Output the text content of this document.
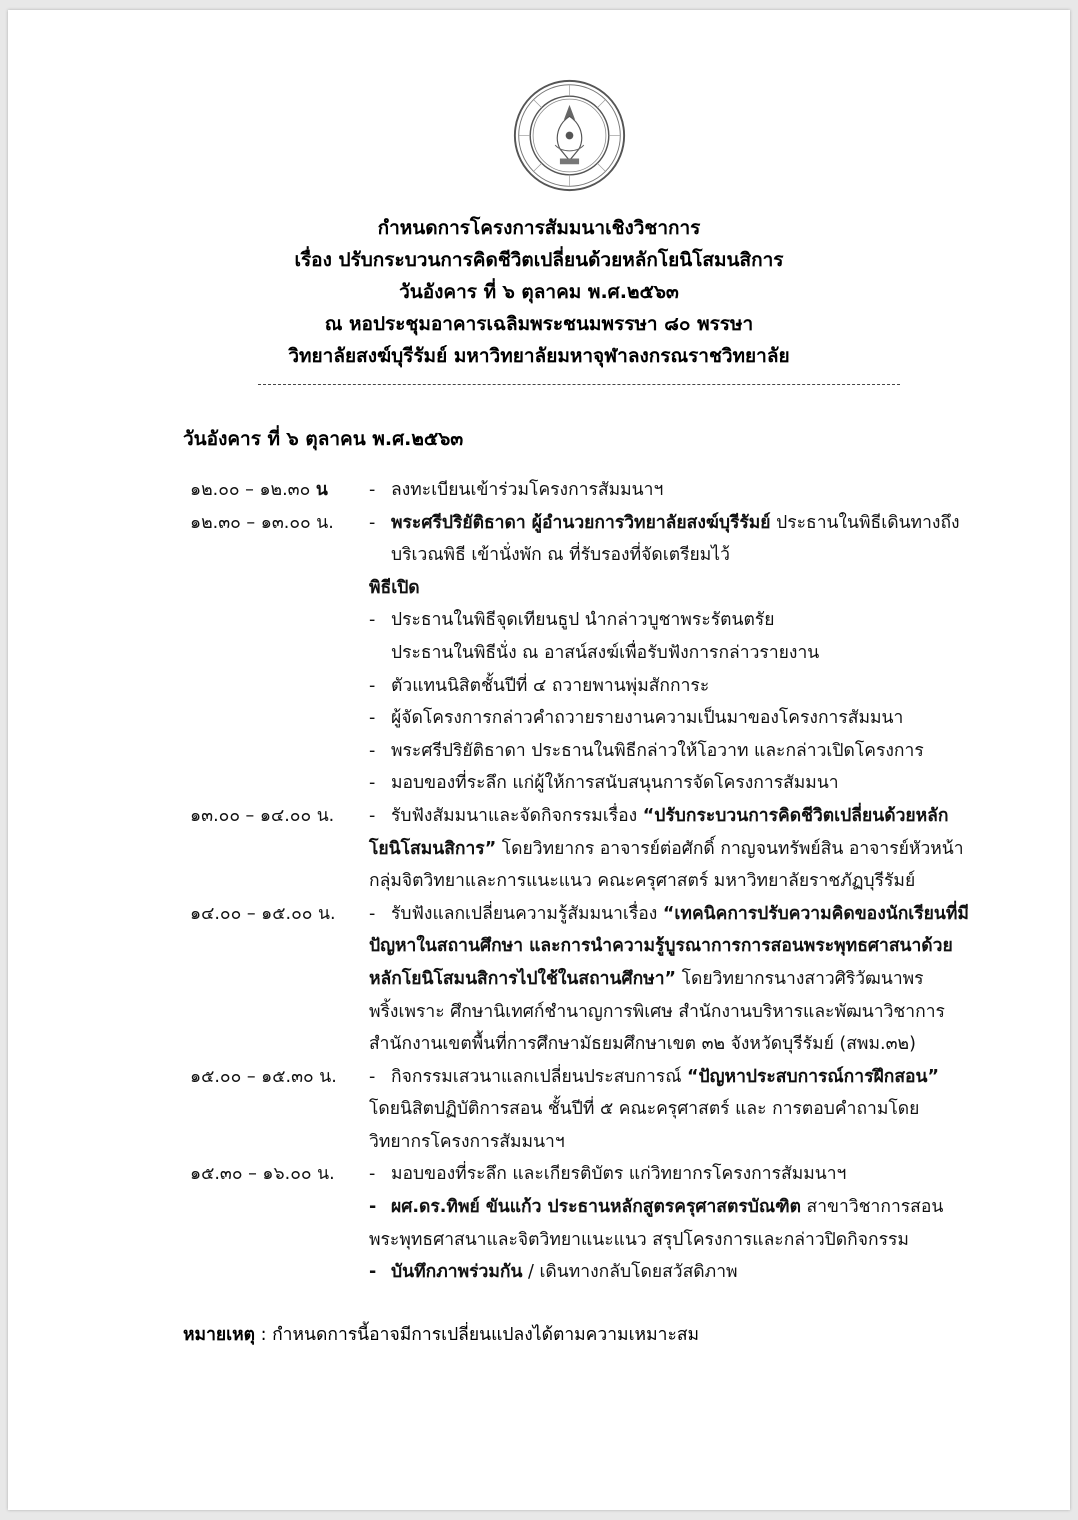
กำหนดการโครงการสัมมนาเชิงวิชาการ
เรื่อง ปรับกระบวนการคิดชีวิตเปลี่ยนด้วยหลักโยนิโสมนสิการ
วันอังคาร ที่ ๖ ตุลาคม พ.ศ.๒๕๖๓
ณ หอประชุมอาคารเฉลิมพระชนมพรรษา ๘๐ พรรษา
วิทยาลัยสงฆ์บุรีรัมย์ มหาวิทยาลัยมหาจุฬาลงกรณราชวิทยาลัย
วันอังคาร ที่ ๖ ตุลาคน พ.ศ.๒๕๖๓
๑๒.๐๐ – ๑๒.๓๐ น	- ลงทะเบียนเข้าร่วมโครงการสัมมนาฯ
๑๒.๓๐ – ๑๓.๐๐ น.	- พระศรีปริยัติธาดา ผู้อำนวยการวิทยาลัยสงฆ์บุรีรัมย์ ประธานในพิธีเดินทางถึง
บริเวณพิธี เข้านั่งพัก ณ ที่รับรองที่จัดเตรียมไว้
พิธีเปิด
- ประธานในพิธีจุดเทียนธูป นำกล่าวบูชาพระรัตนตรัย
ประธานในพิธีนั่ง ณ อาสน์สงฆ์เพื่อรับฟังการกล่าวรายงาน
- ตัวแทนนิสิตชั้นปีที่ ๔ ถวายพานพุ่มสักการะ
- ผู้จัดโครงการกล่าวคำถวายรายงานความเป็นมาของโครงการสัมมนา
- พระศรีปริยัติธาดา ประธานในพิธีกล่าวให้โอวาท และกล่าวเปิดโครงการ
- มอบของที่ระลึก แก่ผู้ให้การสนับสนุนการจัดโครงการสัมมนา
๑๓.๐๐ – ๑๔.๐๐ น.	- รับฟังสัมมนาและจัดกิจกรรมเรื่อง “ปรับกระบวนการคิดชีวิตเปลี่ยนด้วยหลัก
โยนิโสมนสิการ” โดยวิทยากร อาจารย์ต่อศักดิ์ กาญจนทรัพย์สิน อาจารย์หัวหน้า
กลุ่มจิตวิทยาและการแนะแนว คณะครุศาสตร์ มหาวิทยาลัยราชภัฏบุรีรัมย์
๑๔.๐๐ – ๑๕.๐๐ น.	- รับฟังแลกเปลี่ยนความรู้สัมมนาเรื่อง “เทคนิคการปรับความคิดของนักเรียนที่มี
ปัญหาในสถานศึกษา และการนำความรู้บูรณาการการสอนพระพุทธศาสนาด้วย
หลักโยนิโสมนสิการไปใช้ในสถานศึกษา” โดยวิทยากรนางสาวศิริวัฒนาพร
พริ้งเพราะ ศึกษานิเทศก์ชำนาญการพิเศษ สำนักงานบริหารและพัฒนาวิชาการ
สำนักงานเขตพื้นที่การศึกษามัธยมศึกษาเขต ๓๒ จังหวัดบุรีรัมย์ (สพม.๓๒)
๑๕.๐๐ – ๑๕.๓๐ น.	- กิจกรรมเสวนาแลกเปลี่ยนประสบการณ์ “ปัญหาประสบการณ์การฝึกสอน”
โดยนิสิตปฏิบัติการสอน ชั้นปีที่ ๕ คณะครุศาสตร์ และ การตอบคำถามโดย
วิทยากรโครงการสัมมนาฯ
๑๕.๓๐ – ๑๖.๐๐ น.	- มอบของที่ระลึก และเกียรติบัตร แก่วิทยากรโครงการสัมมนาฯ
- ผศ.ดร.ทิพย์ ขันแก้ว ประธานหลักสูตรครุศาสตรบัณฑิต สาขาวิชาการสอน
พระพุทธศาสนาและจิตวิทยาแนะแนว สรุปโครงการและกล่าวปิดกิจกรรม
- บันทึกภาพร่วมกัน / เดินทางกลับโดยสวัสดิภาพ
หมายเหตุ : กำหนดการนี้อาจมีการเปลี่ยนแปลงได้ตามความเหมาะสม
